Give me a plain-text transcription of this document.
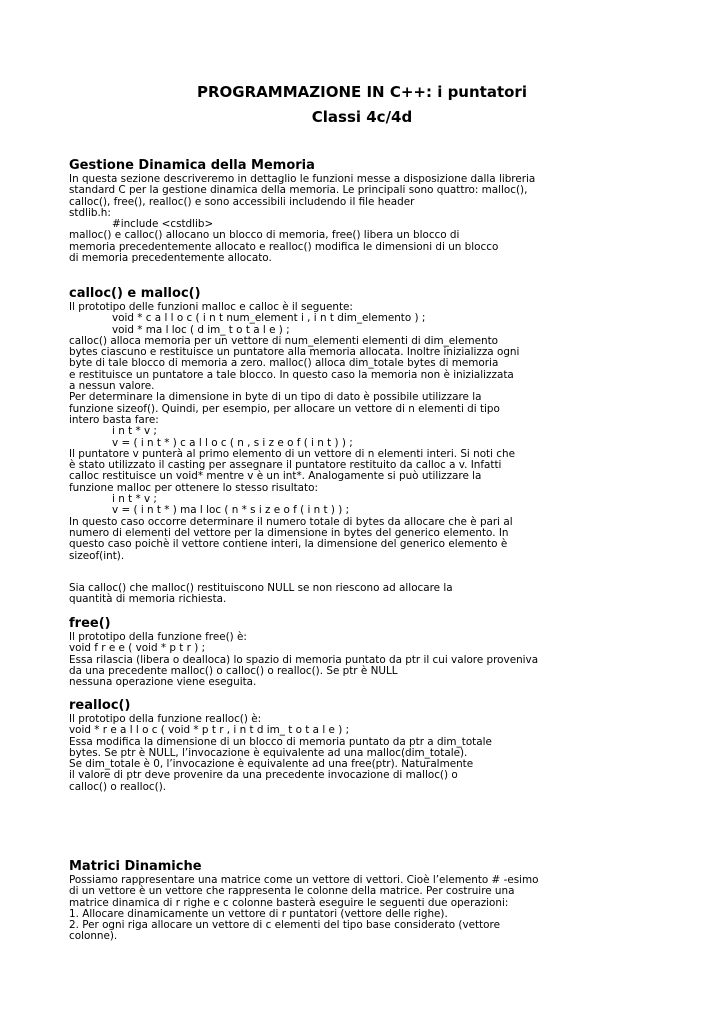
PROGRAMMAZIONE IN C++: i puntatori
Classi 4c/4d
Gestione Dinamica della Memoria
In questa sezione descriveremo in dettaglio le funzioni messe a disposizione dalla libreria
standard C per la gestione dinamica della memoria. Le principali sono quattro: malloc(),
calloc(), free(), realloc() e sono accessibili includendo il file header
stdlib.h:
#include <cstdlib>
malloc() e calloc() allocano un blocco di memoria, free() libera un blocco di
memoria precedentemente allocato e realloc() modifica le dimensioni di un blocco
di memoria precedentemente allocato.
calloc() e malloc()
Il prototipo delle funzioni malloc e calloc è il seguente:
void * c a l l o c ( i n t num_element i , i n t dim_elemento ) ;
void * ma l loc ( d im_ t o t a l e ) ;
calloc() alloca memoria per un vettore di num_elementi elementi di dim_elemento
bytes ciascuno e restituisce un puntatore alla memoria allocata. Inoltre inizializza ogni
byte di tale blocco di memoria a zero. malloc() alloca dim_totale bytes di memoria
e restituisce un puntatore a tale blocco. In questo caso la memoria non è inizializzata
a nessun valore.
Per determinare la dimensione in byte di un tipo di dato è possibile utilizzare la
funzione sizeof(). Quindi, per esempio, per allocare un vettore di n elementi di tipo
intero basta fare:
i n t * v ;
v = ( i n t * ) c a l l o c ( n , s i z e o f ( i n t ) ) ;
Il puntatore v punterà al primo elemento di un vettore di n elementi interi. Si noti che
è stato utilizzato il casting per assegnare il puntatore restituito da calloc a v. Infatti
calloc restituisce un void* mentre v è un int*. Analogamente si può utilizzare la
funzione malloc per ottenere lo stesso risultato:
i n t * v ;
v = ( i n t * ) ma l loc ( n * s i z e o f ( i n t ) ) ;
In questo caso occorre determinare il numero totale di bytes da allocare che è pari al
numero di elementi del vettore per la dimensione in bytes del generico elemento. In
questo caso poichè il vettore contiene interi, la dimensione del generico elemento è
sizeof(int).
Sia calloc() che malloc() restituiscono NULL se non riescono ad allocare la
quantità di memoria richiesta.
free()
Il prototipo della funzione free() è:
void f r e e ( void * p t r ) ;
Essa rilascia (libera o dealloca) lo spazio di memoria puntato da ptr il cui valore proveniva
da una precedente malloc() o calloc() o realloc(). Se ptr è NULL
nessuna operazione viene eseguita.
realloc()
Il prototipo della funzione realloc() è:
void * r e a l l o c ( void * p t r , i n t d im_ t o t a l e ) ;
Essa modifica la dimensione di un blocco di memoria puntato da ptr a dim_totale
bytes. Se ptr è NULL, l’invocazione è equivalente ad una malloc(dim_totale).
Se dim_totale è 0, l’invocazione è equivalente ad una free(ptr). Naturalmente
il valore di ptr deve provenire da una precedente invocazione di malloc() o
calloc() o realloc().
Matrici Dinamiche
Possiamo rappresentare una matrice come un vettore di vettori. Cioè l’elemento # -esimo
di un vettore è un vettore che rappresenta le colonne della matrice. Per costruire una
matrice dinamica di r righe e c colonne basterà eseguire le seguenti due operazioni:
1. Allocare dinamicamente un vettore di r puntatori (vettore delle righe).
2. Per ogni riga allocare un vettore di c elementi del tipo base considerato (vettore
colonne).
